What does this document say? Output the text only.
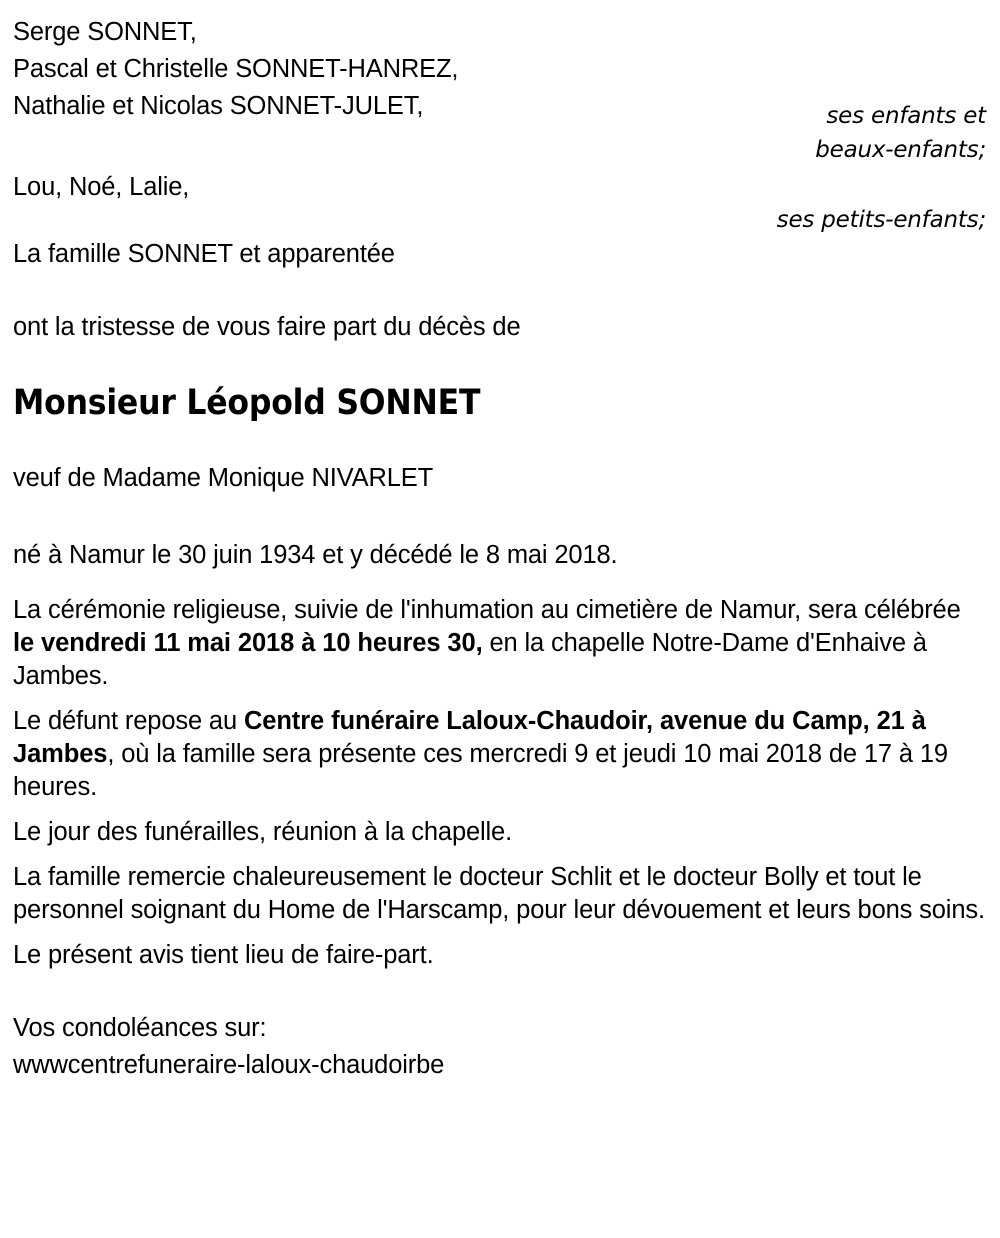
Serge SONNET,
Pascal et Christelle SONNET-HANREZ,
Nathalie et Nicolas SONNET-JULET,	ses enfants et
beaux-enfants;
Lou, Noé, Lalie,
ses petits-enfants;
La famille SONNET et apparentée
ont la tristesse de vous faire part du décès de
Monsieur Léopold SONNET
veuf de Madame Monique NIVARLET
né à Namur le 30 juin 1934 et y décédé le 8 mai 2018.

La cérémonie religieuse, suivie de l'inhumation au cimetière de Namur, sera célébrée le vendredi 11 mai 2018 à 10 heures 30, en la chapelle Notre-Dame d'Enhaive à Jambes.

Le défunt repose au Centre funéraire Laloux-Chaudoir, avenue du Camp, 21 à Jambes, où la famille sera présente ces mercredi 9 et jeudi 10 mai 2018 de 17 à 19 heures.

Le jour des funérailles, réunion à la chapelle.

La famille remercie chaleureusement le docteur Schlit et le docteur Bolly et tout le personnel soignant du Home de l'Harscamp, pour leur dévouement et leurs bons soins.

Le présent avis tient lieu de faire-part.

Vos condoléances sur:
wwwcentrefuneraire-laloux-chaudoirbe
